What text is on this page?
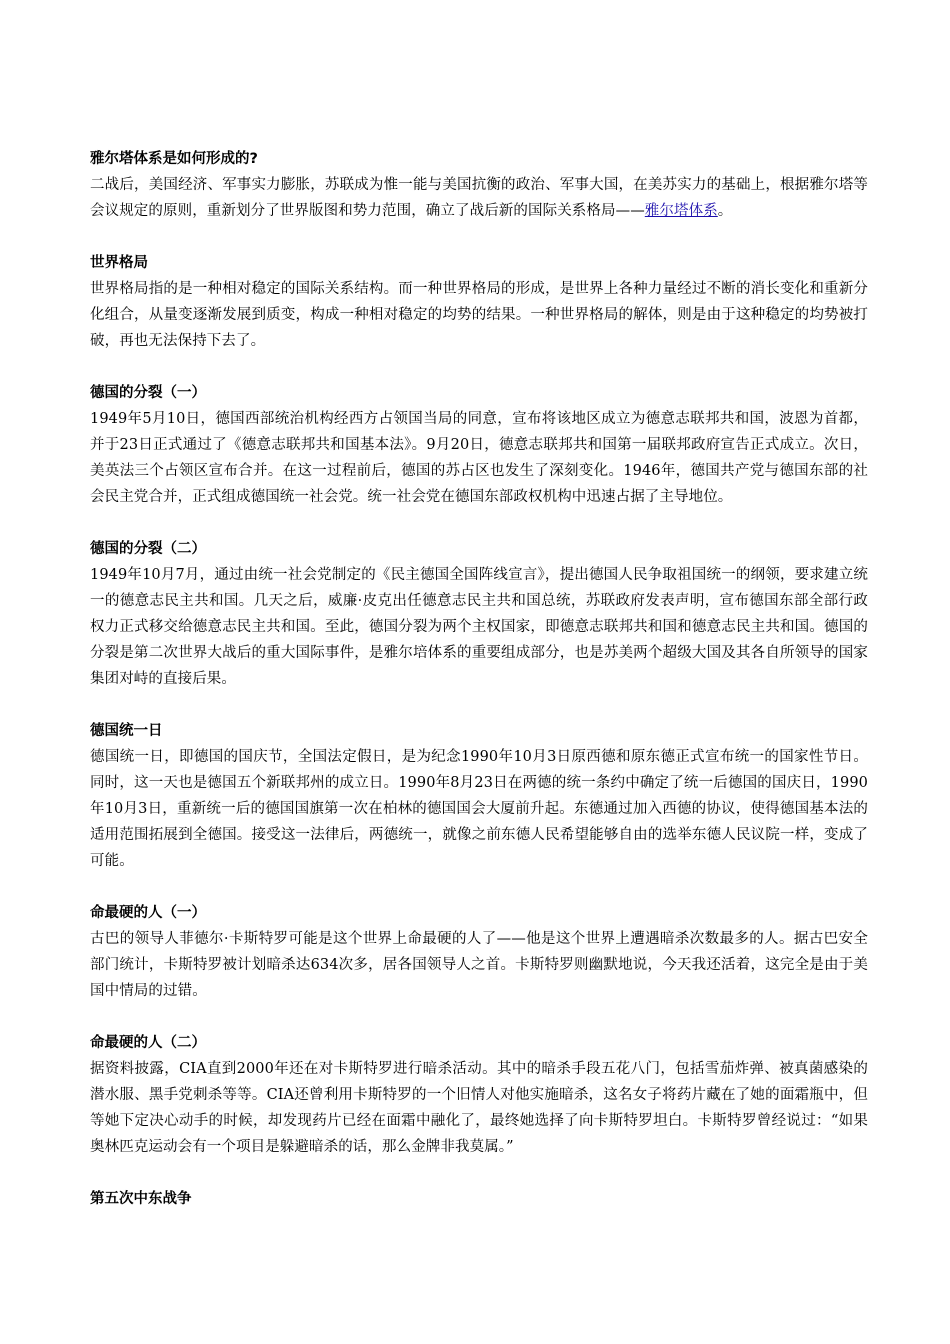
雅尔塔体系是如何形成的?

二战后，美国经济、军事实力膨胀，苏联成为惟一能与美国抗衡的政治、军事大国，在美苏实力的基础上，根据雅尔塔等会议规定的原则，重新划分了世界版图和势力范围，确立了战后新的国际关系格局——雅尔塔体系。

世界格局

世界格局指的是一种相对稳定的国际关系结构。而一种世界格局的形成，是世界上各种力量经过不断的消长变化和重新分化组合，从量变逐渐发展到质变，构成一种相对稳定的均势的结果。一种世界格局的解体，则是由于这种稳定的均势被打破，再也无法保持下去了。

德国的分裂（一）

1949年5月10日，德国西部统治机构经西方占领国当局的同意，宣布将该地区成立为德意志联邦共和国，波恩为首都，并于23日正式通过了《德意志联邦共和国基本法》。9月20日，德意志联邦共和国第一届联邦政府宣告正式成立。次日，美英法三个占领区宣布合并。在这一过程前后，德国的苏占区也发生了深刻变化。1946年，德国共产党与德国东部的社会民主党合并，正式组成德国统一社会党。统一社会党在德国东部政权机构中迅速占据了主导地位。

德国的分裂（二）

1949年10月7月，通过由统一社会党制定的《民主德国全国阵线宣言》，提出德国人民争取祖国统一的纲领，要求建立统一的德意志民主共和国。几天之后，威廉·皮克出任德意志民主共和国总统，苏联政府发表声明，宣布德国东部全部行政权力正式移交给德意志民主共和国。至此，德国分裂为两个主权国家，即德意志联邦共和国和德意志民主共和国。德国的分裂是第二次世界大战后的重大国际事件，是雅尔培体系的重要组成部分，也是苏美两个超级大国及其各自所领导的国家集团对峙的直接后果。

德国统一日

德国统一日，即德国的国庆节，全国法定假日，是为纪念1990年10月3日原西德和原东德正式宣布统一的国家性节日。 同时，这一天也是德国五个新联邦州的成立日。1990年8月23日在两德的统一条约中确定了统一后德国的国庆日，1990年10月3日，重新统一后的德国国旗第一次在柏林的德国国会大厦前升起。东德通过加入西德的协议，使得德国基本法的适用范围拓展到全德国。接受这一法律后，两德统一，就像之前东德人民希望能够自由的选举东德人民议院一样，变成了可能。

命最硬的人（一）

古巴的领导人菲德尔·卡斯特罗可能是这个世界上命最硬的人了——他是这个世界上遭遇暗杀次数最多的人。据古巴安全部门统计，卡斯特罗被计划暗杀达634次多，居各国领导人之首。卡斯特罗则幽默地说，今天我还活着，这完全是由于美国中情局的过错。

命最硬的人（二）

据资料披露，CIA直到2000年还在对卡斯特罗进行暗杀活动。其中的暗杀手段五花八门，包括雪茄炸弹、被真菌感染的潜水服、黑手党刺杀等等。CIA还曾利用卡斯特罗的一个旧情人对他实施暗杀，这名女子将药片藏在了她的面霜瓶中，但等她下定决心动手的时候，却发现药片已经在面霜中融化了，最终她选择了向卡斯特罗坦白。卡斯特罗曾经说过：“如果奥林匹克运动会有一个项目是躲避暗杀的话，那么金牌非我莫属。”

第五次中东战争
